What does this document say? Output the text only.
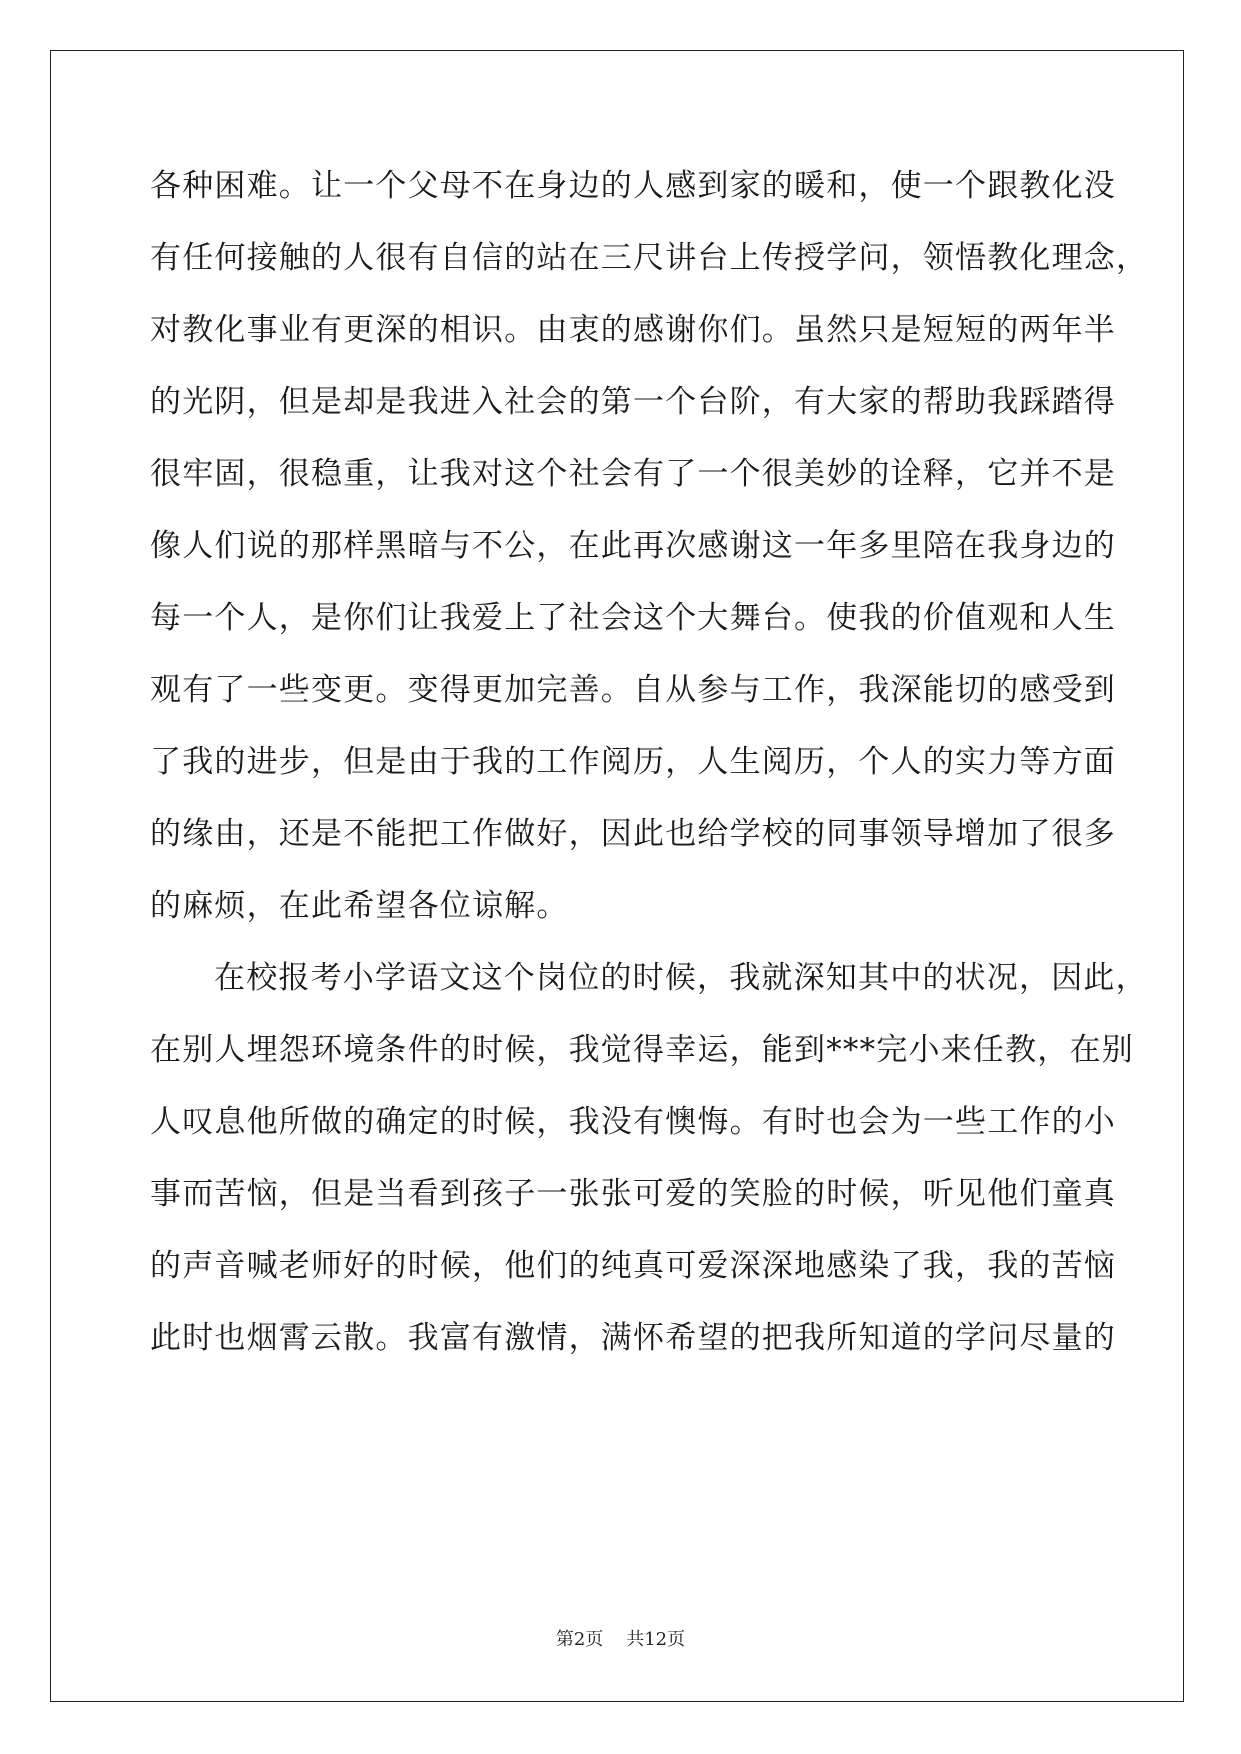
各种困难。让一个父母不在身边的人感到家的暖和，使一个跟教化没
有任何接触的人很有自信的站在三尺讲台上传授学问，领悟教化理念，
对教化事业有更深的相识。由衷的感谢你们。虽然只是短短的两年半
的光阴，但是却是我进入社会的第一个台阶，有大家的帮助我踩踏得
很牢固，很稳重，让我对这个社会有了一个很美妙的诠释，它并不是
像人们说的那样黑暗与不公，在此再次感谢这一年多里陪在我身边的
每一个人，是你们让我爱上了社会这个大舞台。使我的价值观和人生
观有了一些变更。变得更加完善。自从参与工作，我深能切的感受到
了我的进步，但是由于我的工作阅历，人生阅历，个人的实力等方面
的缘由，还是不能把工作做好，因此也给学校的同事领导增加了很多
的麻烦，在此希望各位谅解。
在校报考小学语文这个岗位的时候，我就深知其中的状况，因此，
在别人埋怨环境条件的时候，我觉得幸运，能到***完小来任教，在别
人叹息他所做的确定的时候，我没有懊悔。有时也会为一些工作的小
事而苦恼，但是当看到孩子一张张可爱的笑脸的时候，听见他们童真
的声音喊老师好的时候，他们的纯真可爱深深地感染了我，我的苦恼
此时也烟霄云散。我富有激情，满怀希望的把我所知道的学问尽量的
第2页 共12页
